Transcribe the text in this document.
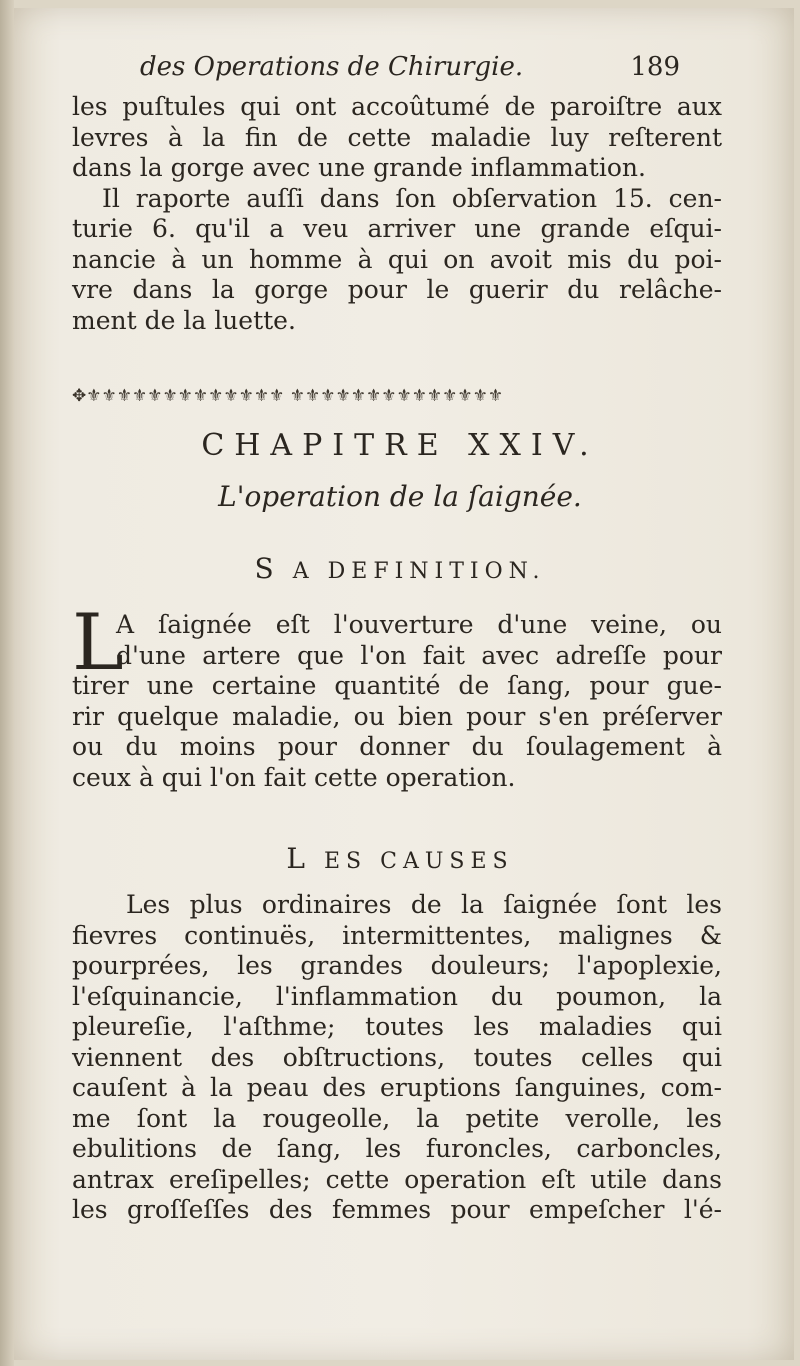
des Operations de Chirurgie.	189
les puſtules qui ont accoûtumé de paroiſtre aux
levres à la fin de cette maladie luy reſterent
dans la gorge avec une grande inflammation.
Il raporte auſſi dans ſon obſervation 15. cen-
turie 6. qu'il a veu arriver une grande eſqui-
nancie à un homme à qui on avoit mis du poi-
vre dans la gorge pour le guerir du relâche-
ment de la luette.
✥⚜⚜⚜⚜⚜⚜⚜⚜⚜⚜⚜⚜⚜ ⚜⚜⚜⚜⚜⚜⚜⚜⚜⚜⚜⚜⚜⚜
CHAPITRE XXIV.
L'operation de la ſaignée.
S A DEFINITION.
L
A ſaignée eſt l'ouverture d'une veine, ou
d'une artere que l'on fait avec adreſſe pour
tirer une certaine quantité de ſang, pour gue-
rir quelque maladie, ou bien pour s'en préſerver
ou du moins pour donner du ſoulagement à
ceux à qui l'on fait cette operation.
L ES CAUSES
Les plus ordinaires de la ſaignée ſont les
fievres continuës, intermittentes, malignes &
pourprées, les grandes douleurs; l'apoplexie,
l'eſquinancie, l'inflammation du poumon, la
pleureſie, l'aſthme; toutes les maladies qui
viennent des obſtructions, toutes celles qui
cauſent à la peau des eruptions ſanguines, com-
me ſont la rougeolle, la petite verolle, les
ebulitions de ſang, les furoncles, carboncles,
antrax ereſipelles; cette operation eſt utile dans
les groſſeſſes des femmes pour empeſcher l'é-
